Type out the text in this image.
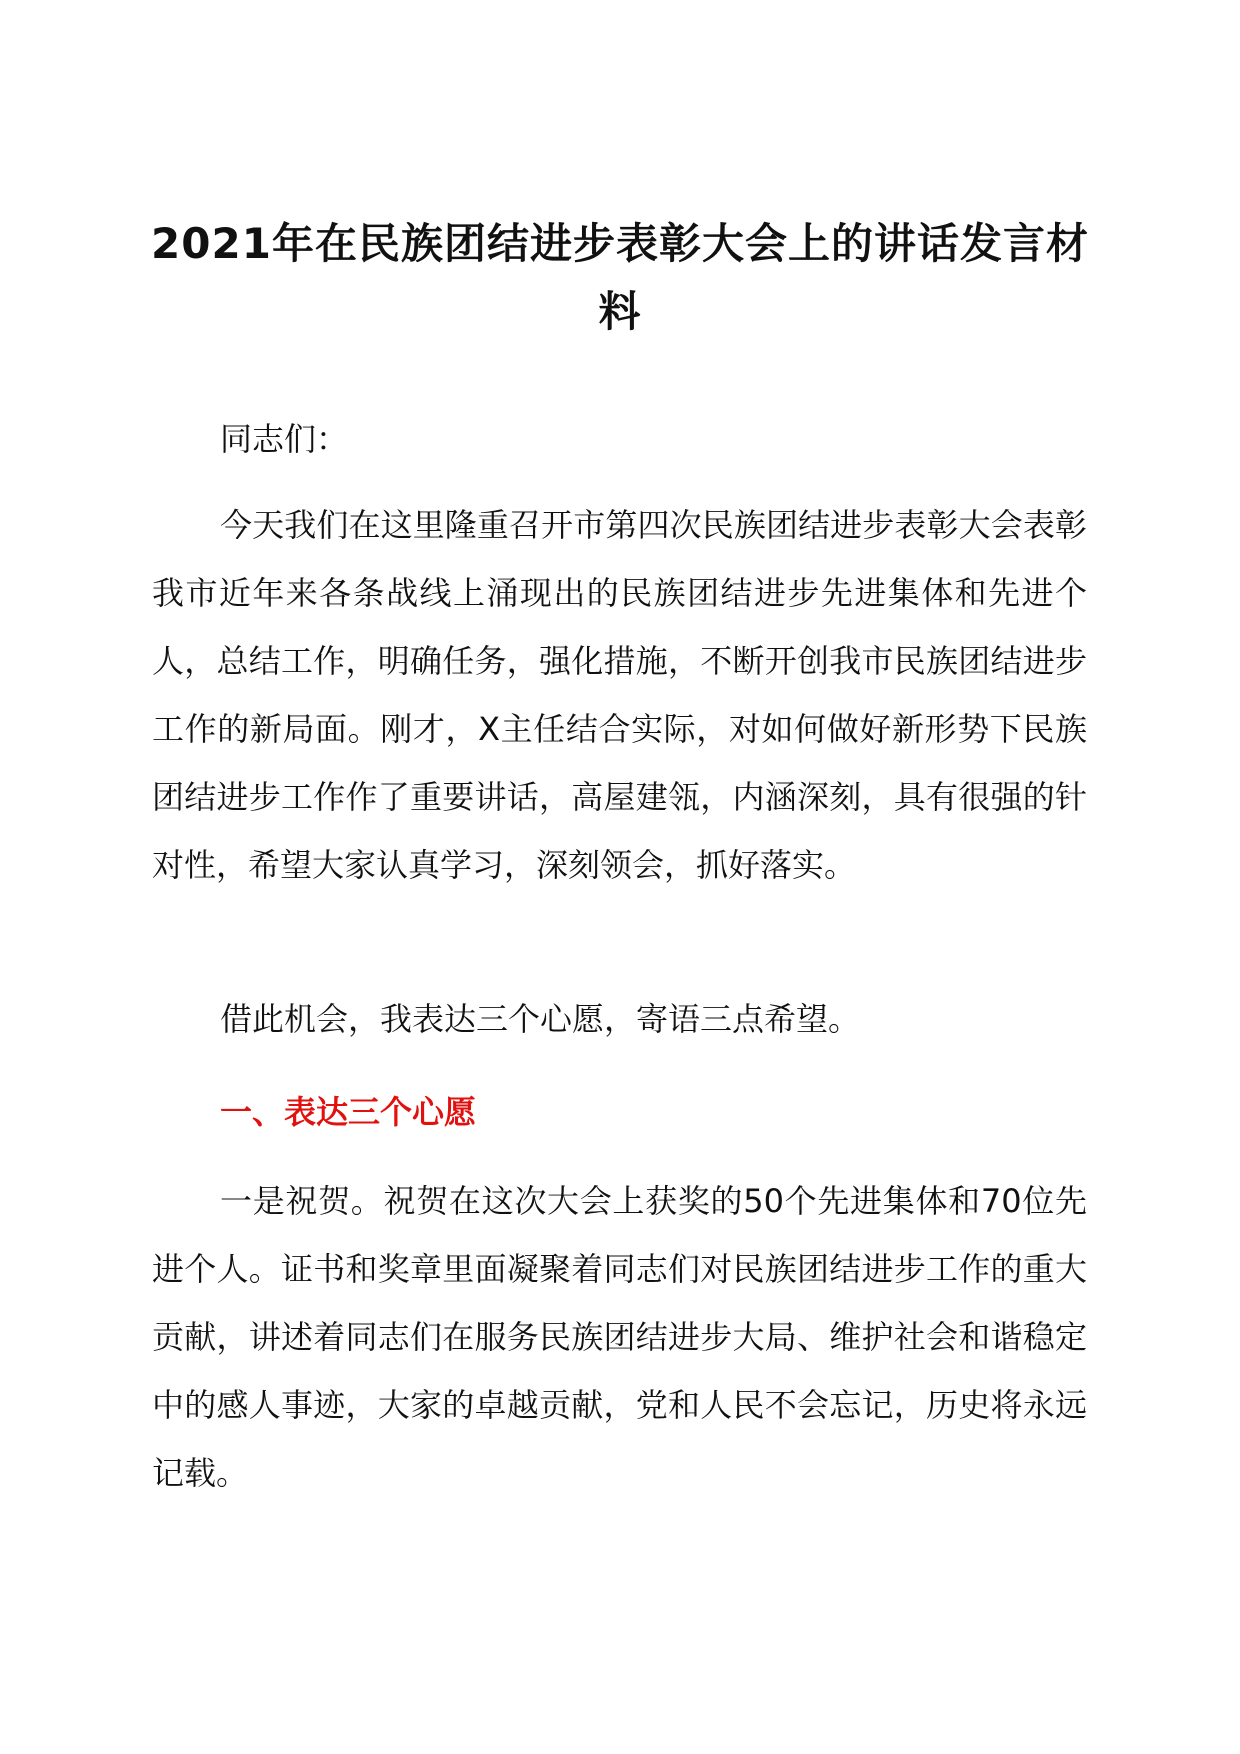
2021年在民族团结进步表彰大会上的讲话发言材料

同志们：

今天我们在这里隆重召开市第四次民族团结进步表彰大会表彰我市近年来各条战线上涌现出的民族团结进步先进集体和先进个人，总结工作，明确任务，强化措施，不断开创我市民族团结进步工作的新局面。刚才，X主任结合实际，对如何做好新形势下民族团结进步工作作了重要讲话，高屋建瓴，内涵深刻，具有很强的针对性，希望大家认真学习，深刻领会，抓好落实。

借此机会，我表达三个心愿，寄语三点希望。

一、表达三个心愿

一是祝贺。祝贺在这次大会上获奖的50个先进集体和70位先进个人。证书和奖章里面凝聚着同志们对民族团结进步工作的重大贡献，讲述着同志们在服务民族团结进步大局、维护社会和谐稳定中的感人事迹，大家的卓越贡献，党和人民不会忘记，历史将永远记载。
